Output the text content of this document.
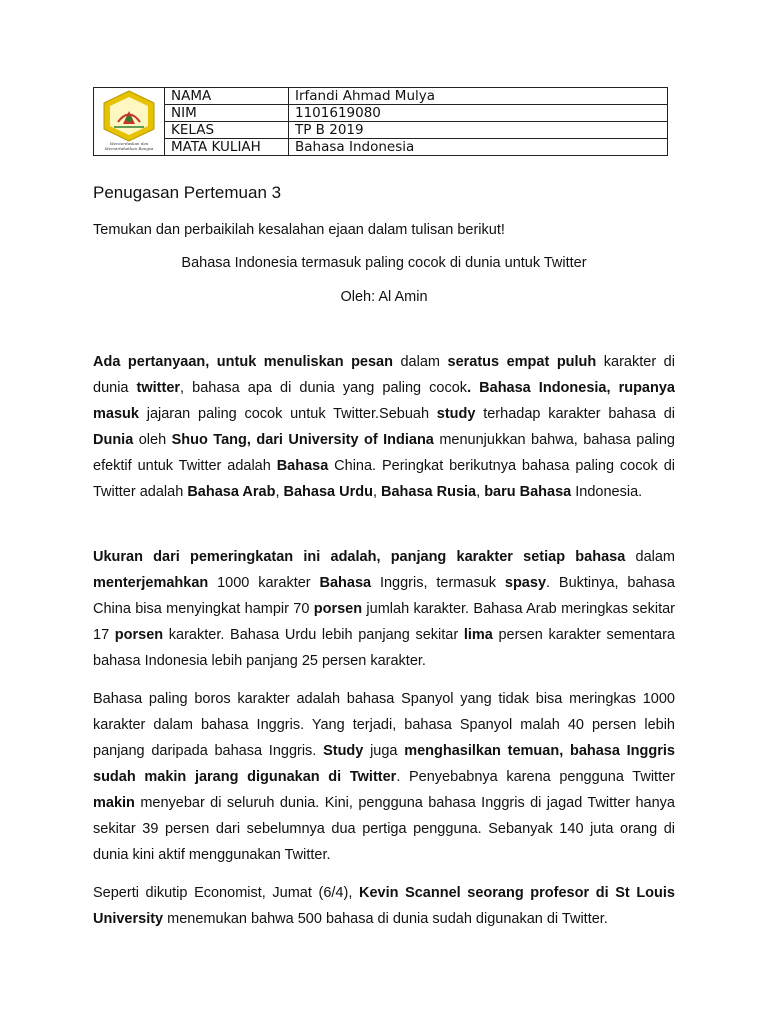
Mencerdaskan dan
Memartabatkan Bangsa	NAMA	Irfandi Ahmad Mulya
	NIM	1101619080
	KELAS	TP B 2019
	MATA KULIAH	Bahasa Indonesia
Penugasan Pertemuan 3

Temukan dan perbaikilah kesalahan ejaan dalam tulisan berikut!

Bahasa Indonesia termasuk paling cocok di dunia untuk Twitter

Oleh: Al Amin

Ada pertanyaan, untuk menuliskan pesan dalam seratus empat puluh karakter di dunia twitter, bahasa apa di dunia yang paling cocok. Bahasa Indonesia, rupanya masuk jajaran paling cocok untuk Twitter.Sebuah study terhadap karakter bahasa di Dunia oleh Shuo Tang, dari University of Indiana menunjukkan bahwa, bahasa paling efektif untuk Twitter adalah Bahasa China. Peringkat berikutnya bahasa paling cocok di Twitter adalah Bahasa Arab, Bahasa Urdu, Bahasa Rusia, baru Bahasa Indonesia.

Ukuran dari pemeringkatan ini adalah, panjang karakter setiap bahasa dalam menterjemahkan 1000 karakter Bahasa Inggris, termasuk spasy. Buktinya, bahasa China bisa menyingkat hampir 70 porsen jumlah karakter. Bahasa Arab meringkas sekitar 17 porsen karakter. Bahasa Urdu lebih panjang sekitar lima persen karakter sementara bahasa Indonesia lebih panjang 25 persen karakter.

Bahasa paling boros karakter adalah bahasa Spanyol yang tidak bisa meringkas 1000 karakter dalam bahasa Inggris. Yang terjadi, bahasa Spanyol malah 40 persen lebih panjang daripada bahasa Inggris. Study juga menghasilkan temuan, bahasa Inggris sudah makin jarang digunakan di Twitter. Penyebabnya karena pengguna Twitter makin menyebar di seluruh dunia. Kini, pengguna bahasa Inggris di jagad Twitter hanya sekitar 39 persen dari sebelumnya dua pertiga pengguna. Sebanyak 140 juta orang di dunia kini aktif menggunakan Twitter.

Seperti dikutip Economist, Jumat (6/4), Kevin Scannel seorang profesor di St Louis University menemukan bahwa 500 bahasa di dunia sudah digunakan di Twitter.
